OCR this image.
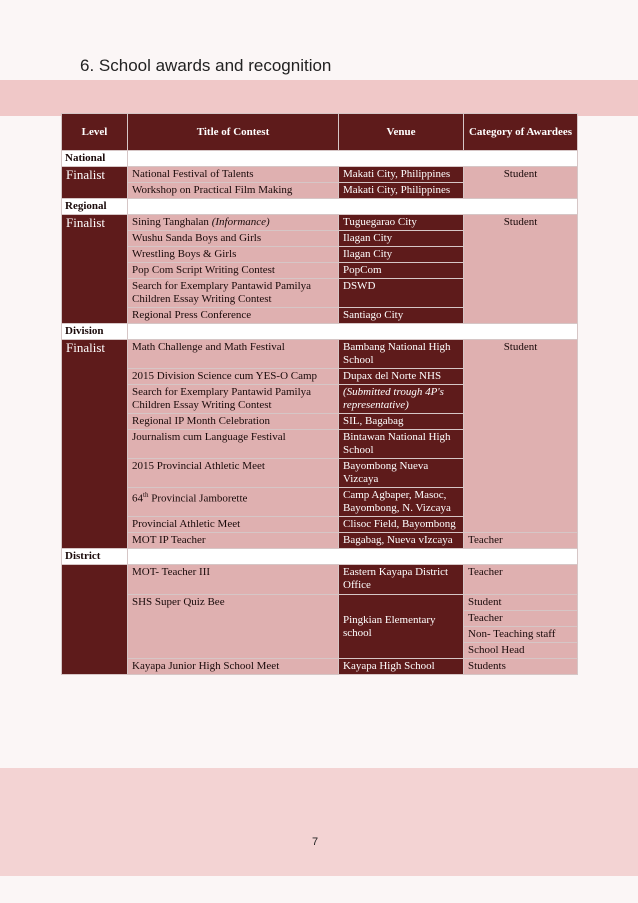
6. School awards and recognition
Level	Title of Contest	Venue	Category of Awardees
National			
Finalist	National Festival of Talents	Makati City, Philippines	Student
	Workshop on Practical Film Making	Makati City, Philippines	
Regional			
Finalist	Sining Tanghalan (Informance)	Tuguegarao City	Student
	Wushu Sanda Boys and Girls	Ilagan City	
	Wrestling Boys & Girls	Ilagan City	
	Pop Com Script Writing Contest	PopCom	
	Search for Exemplary Pantawid Pamilya Children Essay Writing Contest	DSWD	
	Regional Press Conference	Santiago City	
Division			
Finalist	Math Challenge and Math Festival	Bambang National High School	Student
	2015 Division Science cum YES-O Camp	Dupax del Norte NHS	
	Search for Exemplary Pantawid Pamilya Children Essay Writing Contest	(Submitted trough 4P's representative)	
	Regional IP Month Celebration	SIL, Bagabag	
	Journalism cum Language Festival	Bintawan National High School	
	2015 Provincial Athletic Meet	Bayombong Nueva Vizcaya	
	64th Provincial Jamborette	Camp Agbaper, Masoc, Bayombong, N. Vizcaya	
	Provincial Athletic Meet	Clisoc Field, Bayombong	
	MOT IP Teacher	Bagabag, Nueva vIzcaya	Teacher
District			
	MOT- Teacher III	Eastern Kayapa District Office	Teacher
	SHS Super Quiz Bee	Pingkian Elementary school	Student
			Teacher
			Non- Teaching staff
			School Head

	Kayapa Junior High School Meet	Kayapa High School	Students
7
